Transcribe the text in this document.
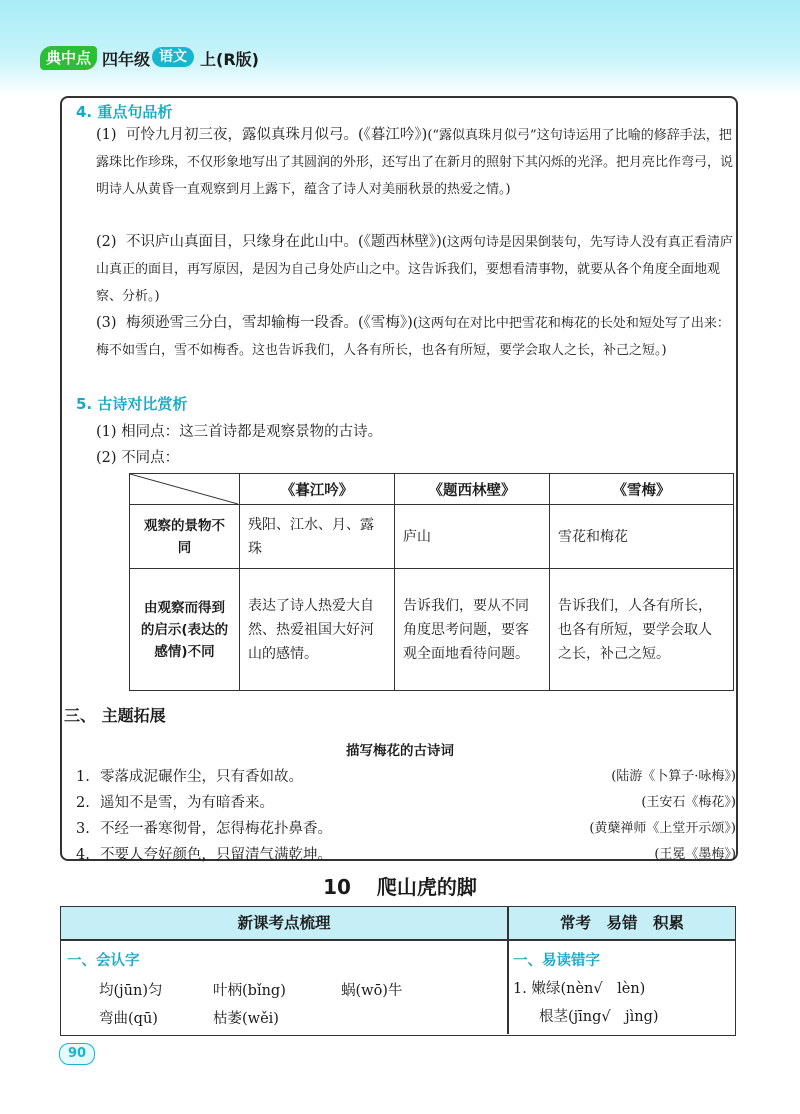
典中点 四年级 语文 上(R版)
4. 重点句品析
(1) 可怜九月初三夜，露似真珠月似弓。(《暮江吟》)(“露似真珠月似弓”这句诗运用了比喻的修辞手法，把露珠比作珍珠，不仅形象地写出了其圆润的外形，还写出了在新月的照射下其闪烁的光泽。把月亮比作弯弓，说明诗人从黄昏一直观察到月上露下，蕴含了诗人对美丽秋景的热爱之情。)
(2) 不识庐山真面目，只缘身在此山中。(《题西林壁》)(这两句诗是因果倒装句，先写诗人没有真正看清庐山真正的面目，再写原因，是因为自己身处庐山之中。这告诉我们，要想看清事物，就要从各个角度全面地观察、分析。)
(3) 梅须逊雪三分白，雪却输梅一段香。(《雪梅》)(这两句在对比中把雪花和梅花的长处和短处写了出来：梅不如雪白，雪不如梅香。这也告诉我们，人各有所长，也各有所短，要学会取人之长，补己之短。)
5. 古诗对比赏析
(1) 相同点：这三首诗都是观察景物的古诗。
(2) 不同点：
	《暮江吟》	《题西林壁》	《雪梅》
观察的景物不同	残阳、江水、月、露珠	庐山	雪花和梅花
由观察而得到的启示(表达的感情)不同	表达了诗人热爱大自然、热爱祖国大好河山的感情。	告诉我们，要从不同角度思考问题，要客观全面地看待问题。	告诉我们，人各有所长，也各有所短，要学会取人之长，补己之短。
三、 主题拓展
描写梅花的古诗词
1. 零落成泥碾作尘，只有香如故。	(陆游《卜算子·咏梅》)
2. 遥知不是雪，为有暗香来。	(王安石《梅花》)
3. 不经一番寒彻骨，怎得梅花扑鼻香。	(黄蘖禅师《上堂开示颂》)
4. 不要人夸好颜色，只留清气满乾坤。	(王冕《墨梅》)
10 爬山虎的脚
新课考点梳理	常考　易错　积累
一、会认字
均(jūn)匀	叶柄(bǐng)	蜗(wō)牛
弯曲(qū)	枯萎(wěi)
一、易读错字
1. 嫩绿(nèn√　lèn)
根茎(jīng√　jìng)
90
